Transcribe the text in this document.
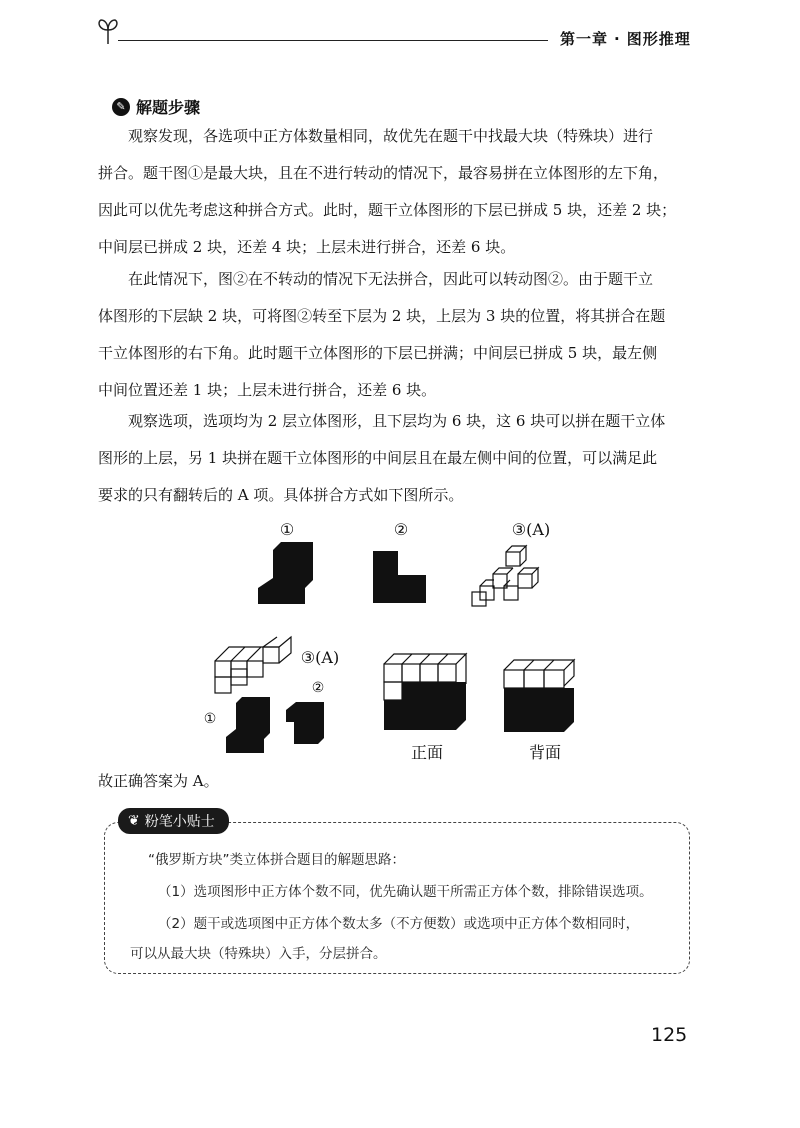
第一章 · 图形推理
✎ 解题步骤
观察发现，各选项中正方体数量相同，故优先在题干中找最大块（特殊块）进行
拼合。题干图①是最大块，且在不进行转动的情况下，最容易拼在立体图形的左下角，
因此可以优先考虑这种拼合方式。此时，题干立体图形的下层已拼成 5 块，还差 2 块；
中间层已拼成 2 块，还差 4 块；上层未进行拼合，还差 6 块。
在此情况下，图②在不转动的情况下无法拼合，因此可以转动图②。由于题干立
体图形的下层缺 2 块，可将图②转至下层为 2 块，上层为 3 块的位置，将其拼合在题
干立体图形的右下角。此时题干立体图形的下层已拼满；中间层已拼成 5 块，最左侧
中间位置还差 1 块；上层未进行拼合，还差 6 块。
观察选项，选项均为 2 层立体图形，且下层均为 6 块，这 6 块可以拼在题干立体
图形的上层，另 1 块拼在题干立体图形的中间层且在最左侧中间的位置，可以满足此
要求的只有翻转后的 A 项。具体拼合方式如下图所示。
①	②	③(A)
③(A)
②
①
正面	背面
故正确答案为 A。
❦ 粉笔小贴士
“俄罗斯方块”类立体拼合题目的解题思路：
（1）选项图形中正方体个数不同，优先确认题干所需正方体个数，排除错误选项。
（2）题干或选项图中正方体个数太多（不方便数）或选项中正方体个数相同时，
可以从最大块（特殊块）入手，分层拼合。
125
